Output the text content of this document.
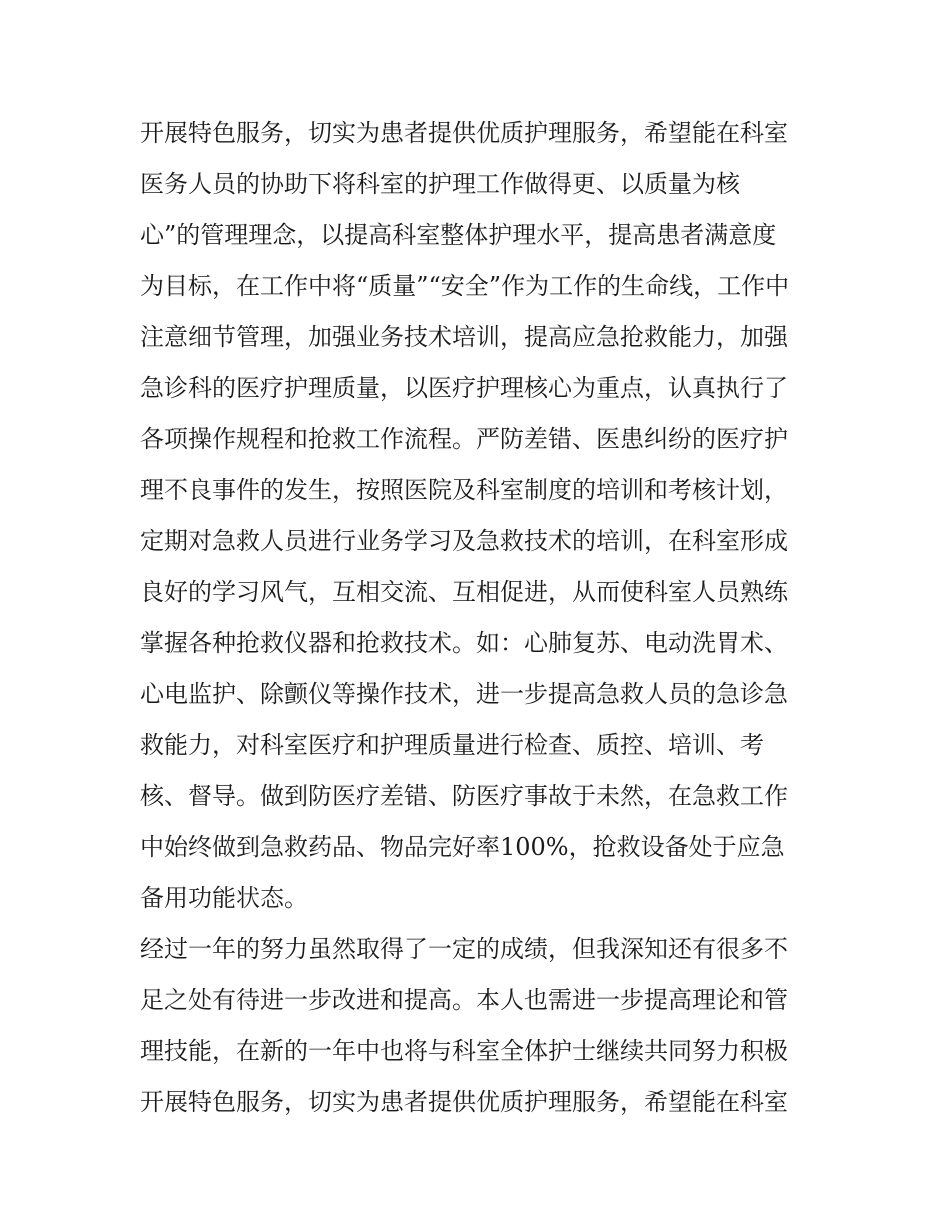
开展特色服务，切实为患者提供优质护理服务，希望能在科室
医务人员的协助下将科室的护理工作做得更、以质量为核
心”的管理理念，以提高科室整体护理水平，提高患者满意度
为目标，在工作中将“质量”“安全”作为工作的生命线，工作中
注意细节管理，加强业务技术培训，提高应急抢救能力，加强
急诊科的医疗护理质量，以医疗护理核心为重点，认真执行了
各项操作规程和抢救工作流程。严防差错、医患纠纷的医疗护
理不良事件的发生，按照医院及科室制度的培训和考核计划，
定期对急救人员进行业务学习及急救技术的培训，在科室形成
良好的学习风气，互相交流、互相促进，从而使科室人员熟练
掌握各种抢救仪器和抢救技术。如：心肺复苏、电动洗胃术、
心电监护、除颤仪等操作技术，进一步提高急救人员的急诊急
救能力，对科室医疗和护理质量进行检查、质控、培训、考
核、督导。做到防医疗差错、防医疗事故于未然，在急救工作
中始终做到急救药品、物品完好率100%，抢救设备处于应急
备用功能状态。
经过一年的努力虽然取得了一定的成绩，但我深知还有很多不
足之处有待进一步改进和提高。本人也需进一步提高理论和管
理技能，在新的一年中也将与科室全体护士继续共同努力积极
开展特色服务，切实为患者提供优质护理服务，希望能在科室
